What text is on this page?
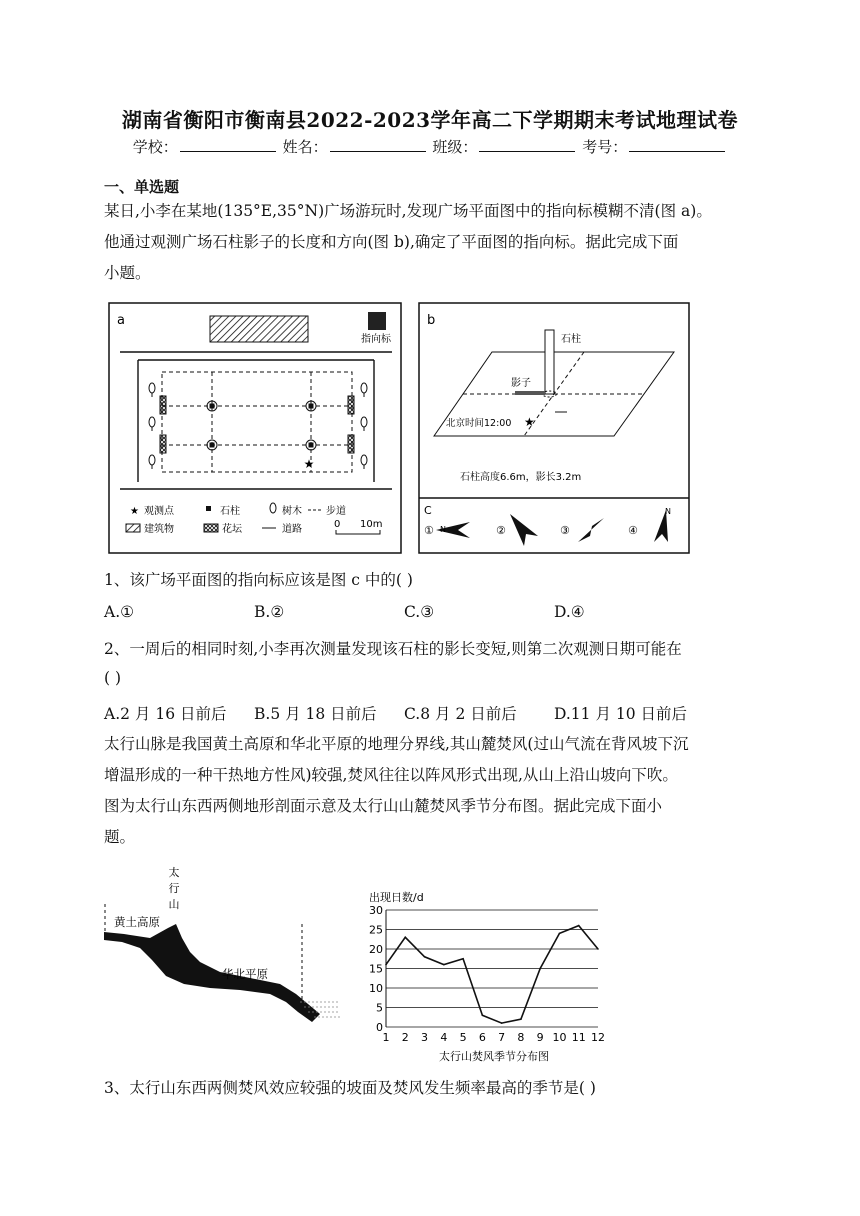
湖南省衡阳市衡南县2022-2023学年高二下学期期末考试地理试卷
学校：	姓名：	班级：	考号：
一、单选题
某日,小李在某地(135°E,35°N)广场游玩时,发现广场平面图中的指向标模糊不清(图 a)。
他通过观测广场石柱影子的长度和方向(图 b),确定了平面图的指向标。据此完成下面
小题。
a
指向标
★
★ 观测点	石柱	树木 步道
建筑物	花坛	道路	0 10m
b
石柱
影子
★
北京时间12:00
石柱高度6.6m，影长3.2m
C
① N	②	③	④
N
1、该广场平面图的指向标应该是图 c 中的( )
A.①	B.②	C.③	D.④
2、一周后的相同时刻,小李再次测量发现该石柱的影长变短,则第二次观测日期可能在
( )
A.2 月 16 日前后 B.5 月 18 日前后 C.8 月 2 日前后 D.11 月 10 日前后
太行山脉是我国黄土高原和华北平原的地理分界线,其山麓焚风(过山气流在背风坡下沉
增温形成的一种干热地方性风)较强,焚风往往以阵风形式出现,从山上沿山坡向下吹。
图为太行山东西两侧地形剖面示意及太行山山麓焚风季节分布图。据此完成下面小
题。
太
行
山
黄土高原
华北平原
出现日数/d
0
5
10
15
20
25
30
1 2 3 4 5 6 7 8 9 10 11 12
太行山焚风季节分布图
3、太行山东西两侧焚风效应较强的坡面及焚风发生频率最高的季节是( )
